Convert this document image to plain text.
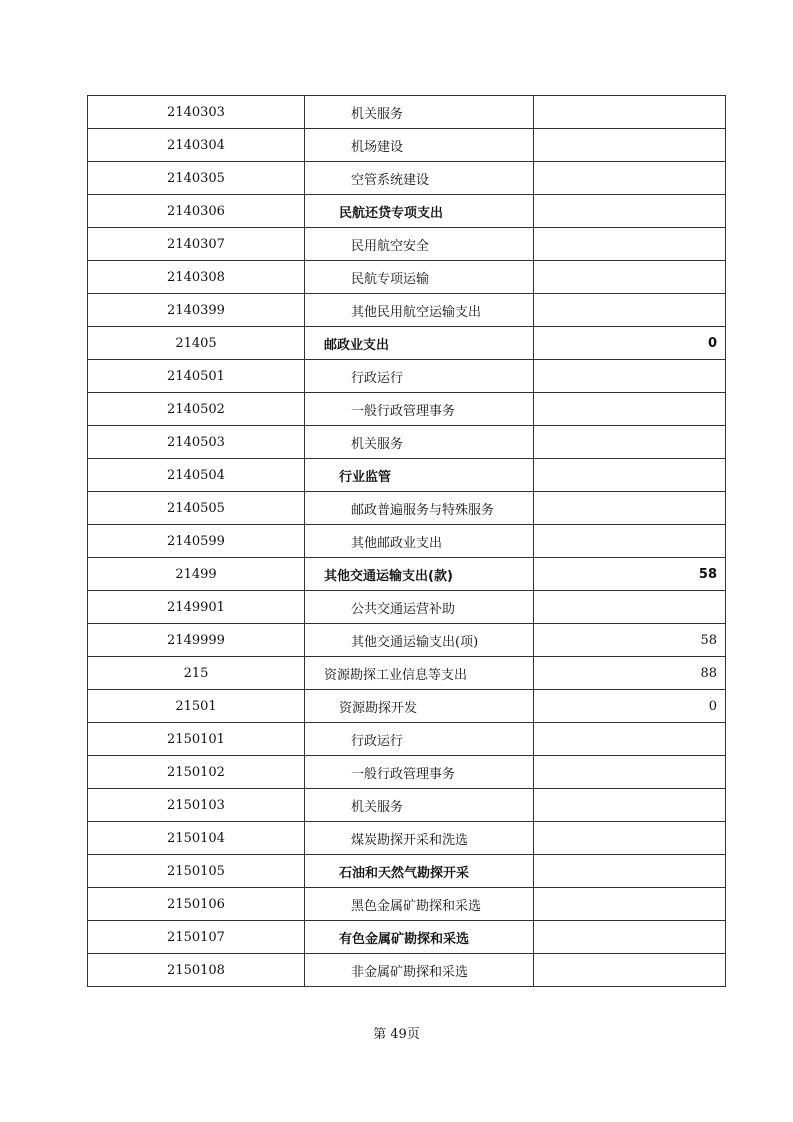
2140303	机关服务	
2140304	机场建设	
2140305	空管系统建设	
2140306	民航还贷专项支出	
2140307	民用航空安全	
2140308	民航专项运输	
2140399	其他民用航空运输支出	
21405	邮政业支出	0
2140501	行政运行	
2140502	一般行政管理事务	
2140503	机关服务	
2140504	行业监管	
2140505	邮政普遍服务与特殊服务	
2140599	其他邮政业支出	
21499	其他交通运输支出(款)	58
2149901	公共交通运营补助	
2149999	其他交通运输支出(项)	58
215	资源勘探工业信息等支出	88
21501	资源勘探开发	0
2150101	行政运行	
2150102	一般行政管理事务	
2150103	机关服务	
2150104	煤炭勘探开采和洗选	
2150105	石油和天然气勘探开采	
2150106	黑色金属矿勘探和采选	
2150107	有色金属矿勘探和采选	
2150108	非金属矿勘探和采选	
第 49页
